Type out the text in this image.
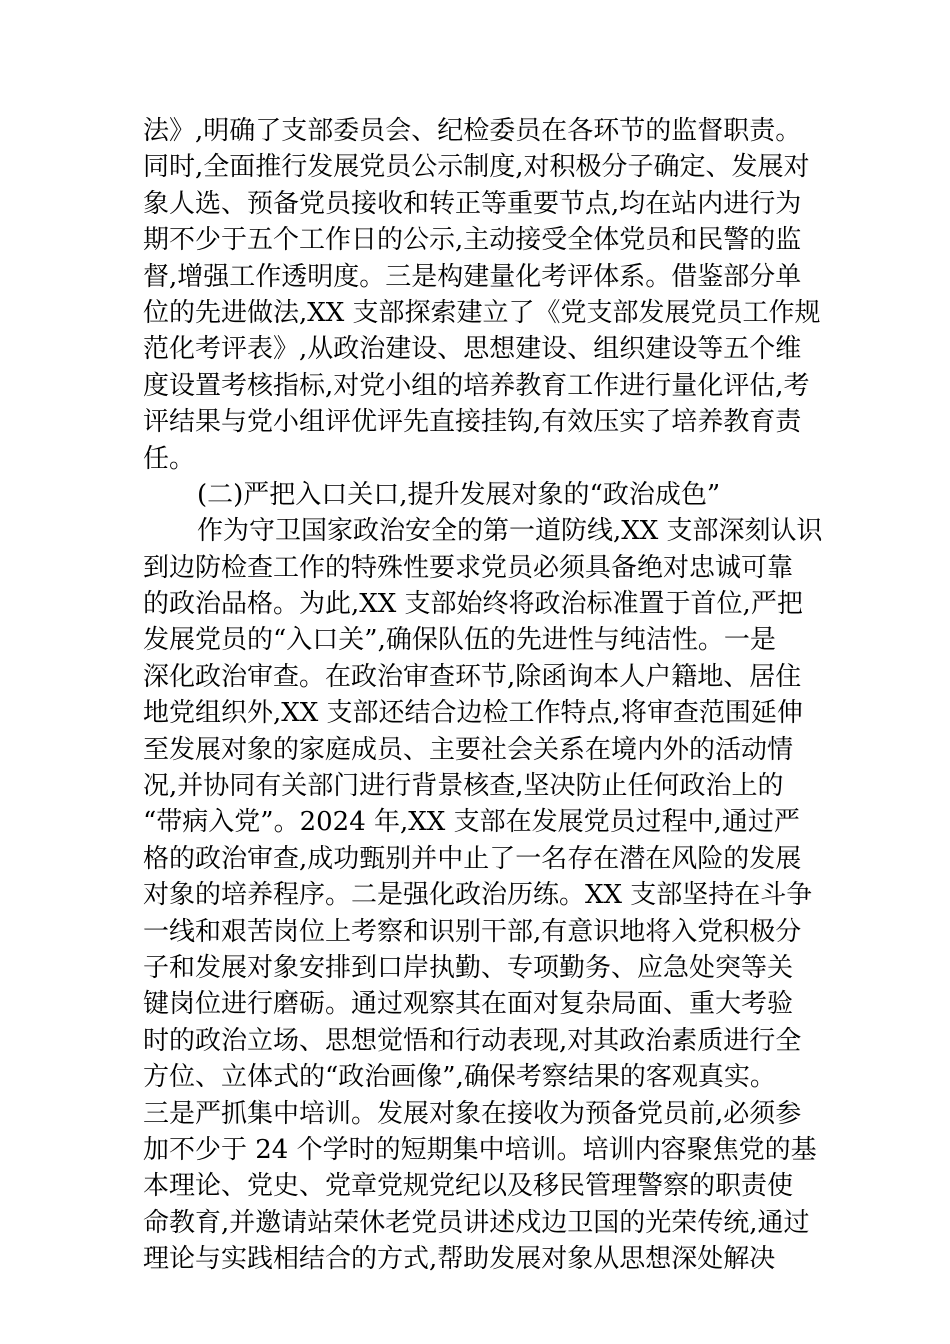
法》,明确了支部委员会、纪检委员在各环节的监督职责。
同时,全面推行发展党员公示制度,对积极分子确定、发展对
象人选、预备党员接收和转正等重要节点,均在站内进行为
期不少于五个工作日的公示,主动接受全体党员和民警的监
督,增强工作透明度。三是构建量化考评体系。借鉴部分单
位的先进做法,XX 支部探索建立了《党支部发展党员工作规
范化考评表》,从政治建设、思想建设、组织建设等五个维
度设置考核指标,对党小组的培养教育工作进行量化评估,考
评结果与党小组评优评先直接挂钩,有效压实了培养教育责
任。
(二)严把入口关口,提升发展对象的“政治成色”
作为守卫国家政治安全的第一道防线,XX 支部深刻认识
到边防检查工作的特殊性要求党员必须具备绝对忠诚可靠
的政治品格。为此,XX 支部始终将政治标准置于首位,严把
发展党员的“入口关”,确保队伍的先进性与纯洁性。一是
深化政治审查。在政治审查环节,除函询本人户籍地、居住
地党组织外,XX 支部还结合边检工作特点,将审查范围延伸
至发展对象的家庭成员、主要社会关系在境内外的活动情
况,并协同有关部门进行背景核查,坚决防止任何政治上的
“带病入党”。2024 年,XX 支部在发展党员过程中,通过严
格的政治审查,成功甄别并中止了一名存在潜在风险的发展
对象的培养程序。二是强化政治历练。XX 支部坚持在斗争
一线和艰苦岗位上考察和识别干部,有意识地将入党积极分
子和发展对象安排到口岸执勤、专项勤务、应急处突等关
键岗位进行磨砺。通过观察其在面对复杂局面、重大考验
时的政治立场、思想觉悟和行动表现,对其政治素质进行全
方位、立体式的“政治画像”,确保考察结果的客观真实。
三是严抓集中培训。发展对象在接收为预备党员前,必须参
加不少于 24 个学时的短期集中培训。培训内容聚焦党的基
本理论、党史、党章党规党纪以及移民管理警察的职责使
命教育,并邀请站荣休老党员讲述戍边卫国的光荣传统,通过
理论与实践相结合的方式,帮助发展对象从思想深处解决
